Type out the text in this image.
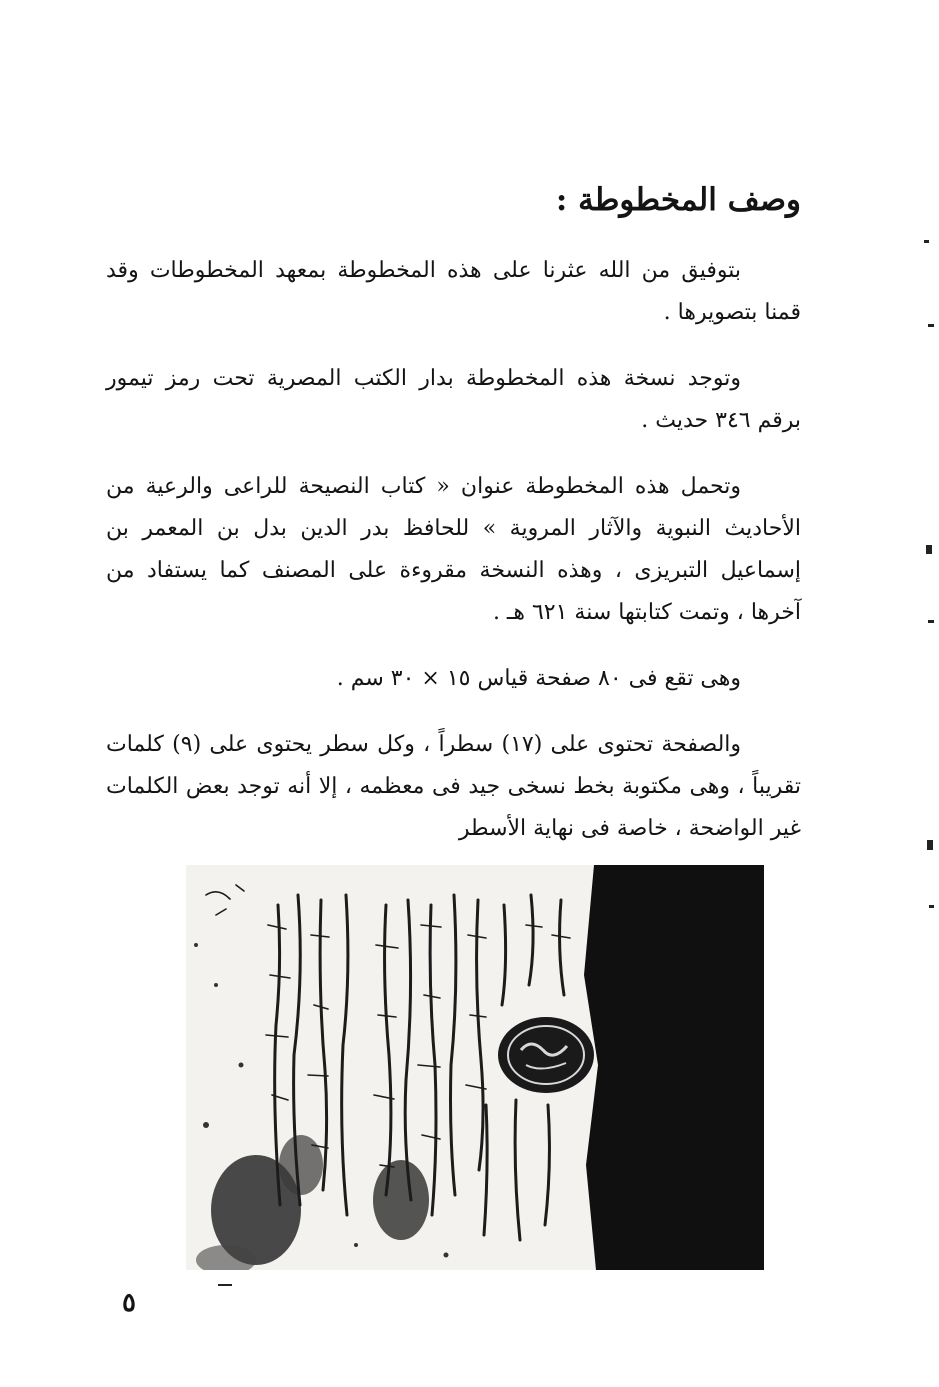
وصف المخطوطة :

بتوفيق من الله عثرنا على هذه المخطوطة بمعهد المخطوطات وقد قمنا بتصويرها .

وتوجد نسخة هذه المخطوطة بدار الكتب المصرية تحت رمز تيمور برقم ٣٤٦ حديث .

وتحمل هذه المخطوطة عنوان « كتاب النصيحة للراعى والرعية من الأحاديث النبوية والآثار المروية » للحافظ بدر الدين بدل بن المعمر بن إسماعيل التبريزى ، وهذه النسخة مقروءة على المصنف كما يستفاد من آخرها ، وتمت كتابتها سنة ٦٢١ هـ .

وهى تقع فى ٨٠ صفحة قياس ١٥ × ٣٠ سم .

والصفحة تحتوى على (١٧) سطراً ، وكل سطر يحتوى على (٩) كلمات تقريباً ، وهى مكتوبة بخط نسخى جيد فى معظمه ، إلا أنه توجد بعض الكلمات غير الواضحة ، خاصة فى نهاية الأسطر

٥
